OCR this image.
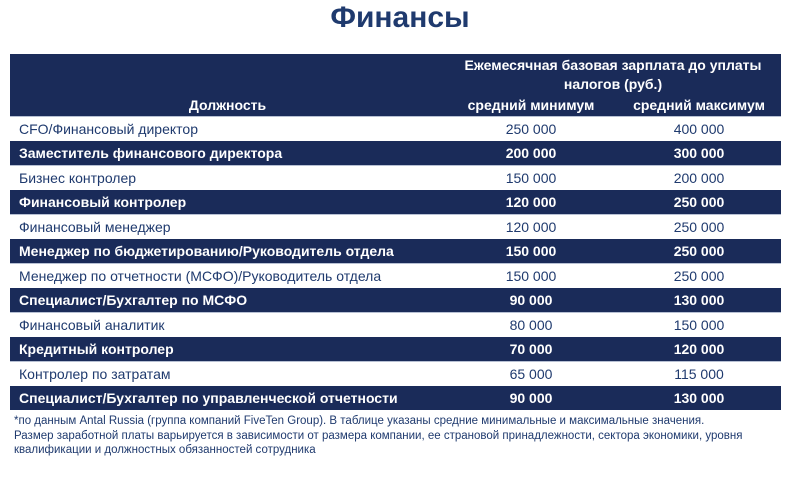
Финансы
Должность	Ежемесячная базовая зарплата до уплаты налогов (руб.)	
	средний минимум	средний максимум
CFO/Финансовый директор	250 000	400 000
Заместитель финансового директора	200 000	300 000
Бизнес контролер	150 000	200 000
Финансовый контролер	120 000	250 000
Финансовый менеджер	120 000	250 000
Менеджер по бюджетированию/Руководитель отдела	150 000	250 000
Менеджер по отчетности (МСФО)/Руководитель отдела	150 000	250 000
Специалист/Бухгалтер по МСФО	90 000	130 000
Финансовый аналитик	80 000	150 000
Кредитный контролер	70 000	120 000
Контролер по затратам	65 000	115 000
Специалист/Бухгалтер по управленческой отчетности	90 000	130 000

*по данным Antal Russia (группа компаний FiveTen Group). В таблице указаны средние минимальные и максимальные значения.

Размер заработной платы варьируется в зависимости от размера компании, ее страновой принадлежности, сектора экономики, уровня квалификации и должностных обязанностей сотрудника
